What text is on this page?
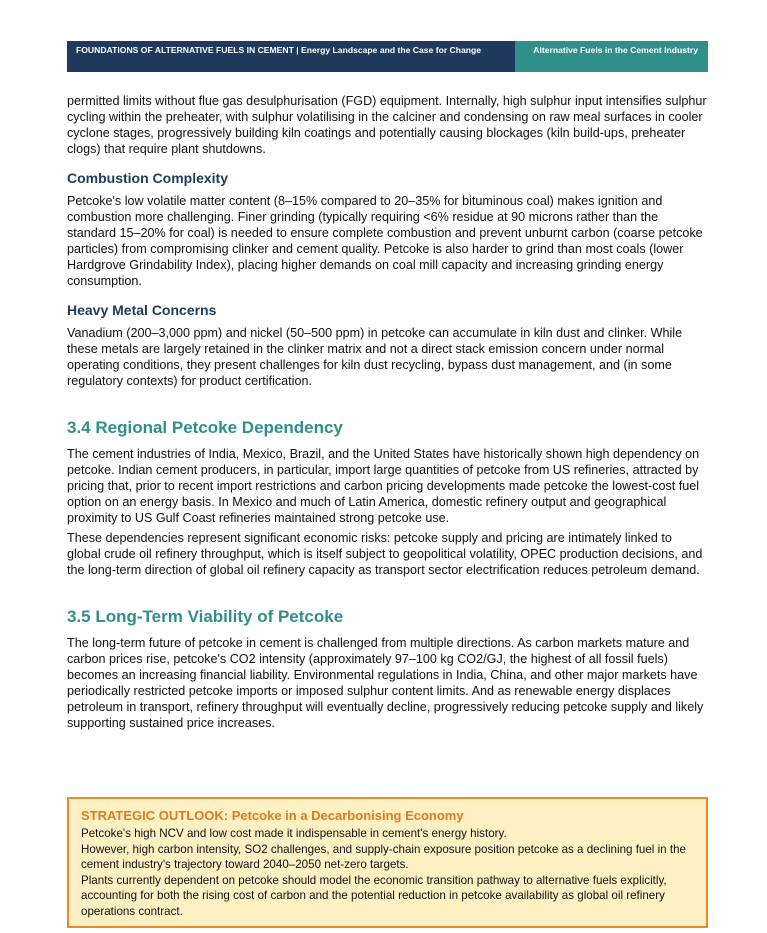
FOUNDATIONS OF ALTERNATIVE FUELS IN CEMENT | Energy Landscape and the Case for Change	Alternative Fuels in the Cement Industry

permitted limits without flue gas desulphurisation (FGD) equipment. Internally, high sulphur input intensifies sulphur cycling within the preheater, with sulphur volatilising in the calciner and condensing on raw meal surfaces in cooler cyclone stages, progressively building kiln coatings and potentially causing blockages (kiln build-ups, preheater clogs) that require plant shutdowns.

Combustion Complexity

Petcoke's low volatile matter content (8–15% compared to 20–35% for bituminous coal) makes ignition and combustion more challenging. Finer grinding (typically requiring <6% residue at 90 microns rather than the standard 15–20% for coal) is needed to ensure complete combustion and prevent unburnt carbon (coarse petcoke particles) from compromising clinker and cement quality. Petcoke is also harder to grind than most coals (lower Hardgrove Grindability Index), placing higher demands on coal mill capacity and increasing grinding energy consumption.

Heavy Metal Concerns

Vanadium (200–3,000 ppm) and nickel (50–500 ppm) in petcoke can accumulate in kiln dust and clinker. While these metals are largely retained in the clinker matrix and not a direct stack emission concern under normal operating conditions, they present challenges for kiln dust recycling, bypass dust management, and (in some regulatory contexts) for product certification.

3.4 Regional Petcoke Dependency

The cement industries of India, Mexico, Brazil, and the United States have historically shown high dependency on petcoke. Indian cement producers, in particular, import large quantities of petcoke from US refineries, attracted by pricing that, prior to recent import restrictions and carbon pricing developments made petcoke the lowest-cost fuel option on an energy basis. In Mexico and much of Latin America, domestic refinery output and geographical proximity to US Gulf Coast refineries maintained strong petcoke use.

These dependencies represent significant economic risks: petcoke supply and pricing are intimately linked to global crude oil refinery throughput, which is itself subject to geopolitical volatility, OPEC production decisions, and the long-term direction of global oil refinery capacity as transport sector electrification reduces petroleum demand.

3.5 Long-Term Viability of Petcoke

The long-term future of petcoke in cement is challenged from multiple directions. As carbon markets mature and carbon prices rise, petcoke's CO2 intensity (approximately 97–100 kg CO2/GJ, the highest of all fossil fuels) becomes an increasing financial liability. Environmental regulations in India, China, and other major markets have periodically restricted petcoke imports or imposed sulphur content limits. And as renewable energy displaces petroleum in transport, refinery throughput will eventually decline, progressively reducing petcoke supply and likely supporting sustained price increases.

STRATEGIC OUTLOOK: Petcoke in a Decarbonising Economy

Petcoke's high NCV and low cost made it indispensable in cement's energy history.

However, high carbon intensity, SO2 challenges, and supply-chain exposure position petcoke as a declining fuel in the cement industry's trajectory toward 2040–2050 net-zero targets.

Plants currently dependent on petcoke should model the economic transition pathway to alternative fuels explicitly, accounting for both the rising cost of carbon and the potential reduction in petcoke availability as global oil refinery operations contract.
